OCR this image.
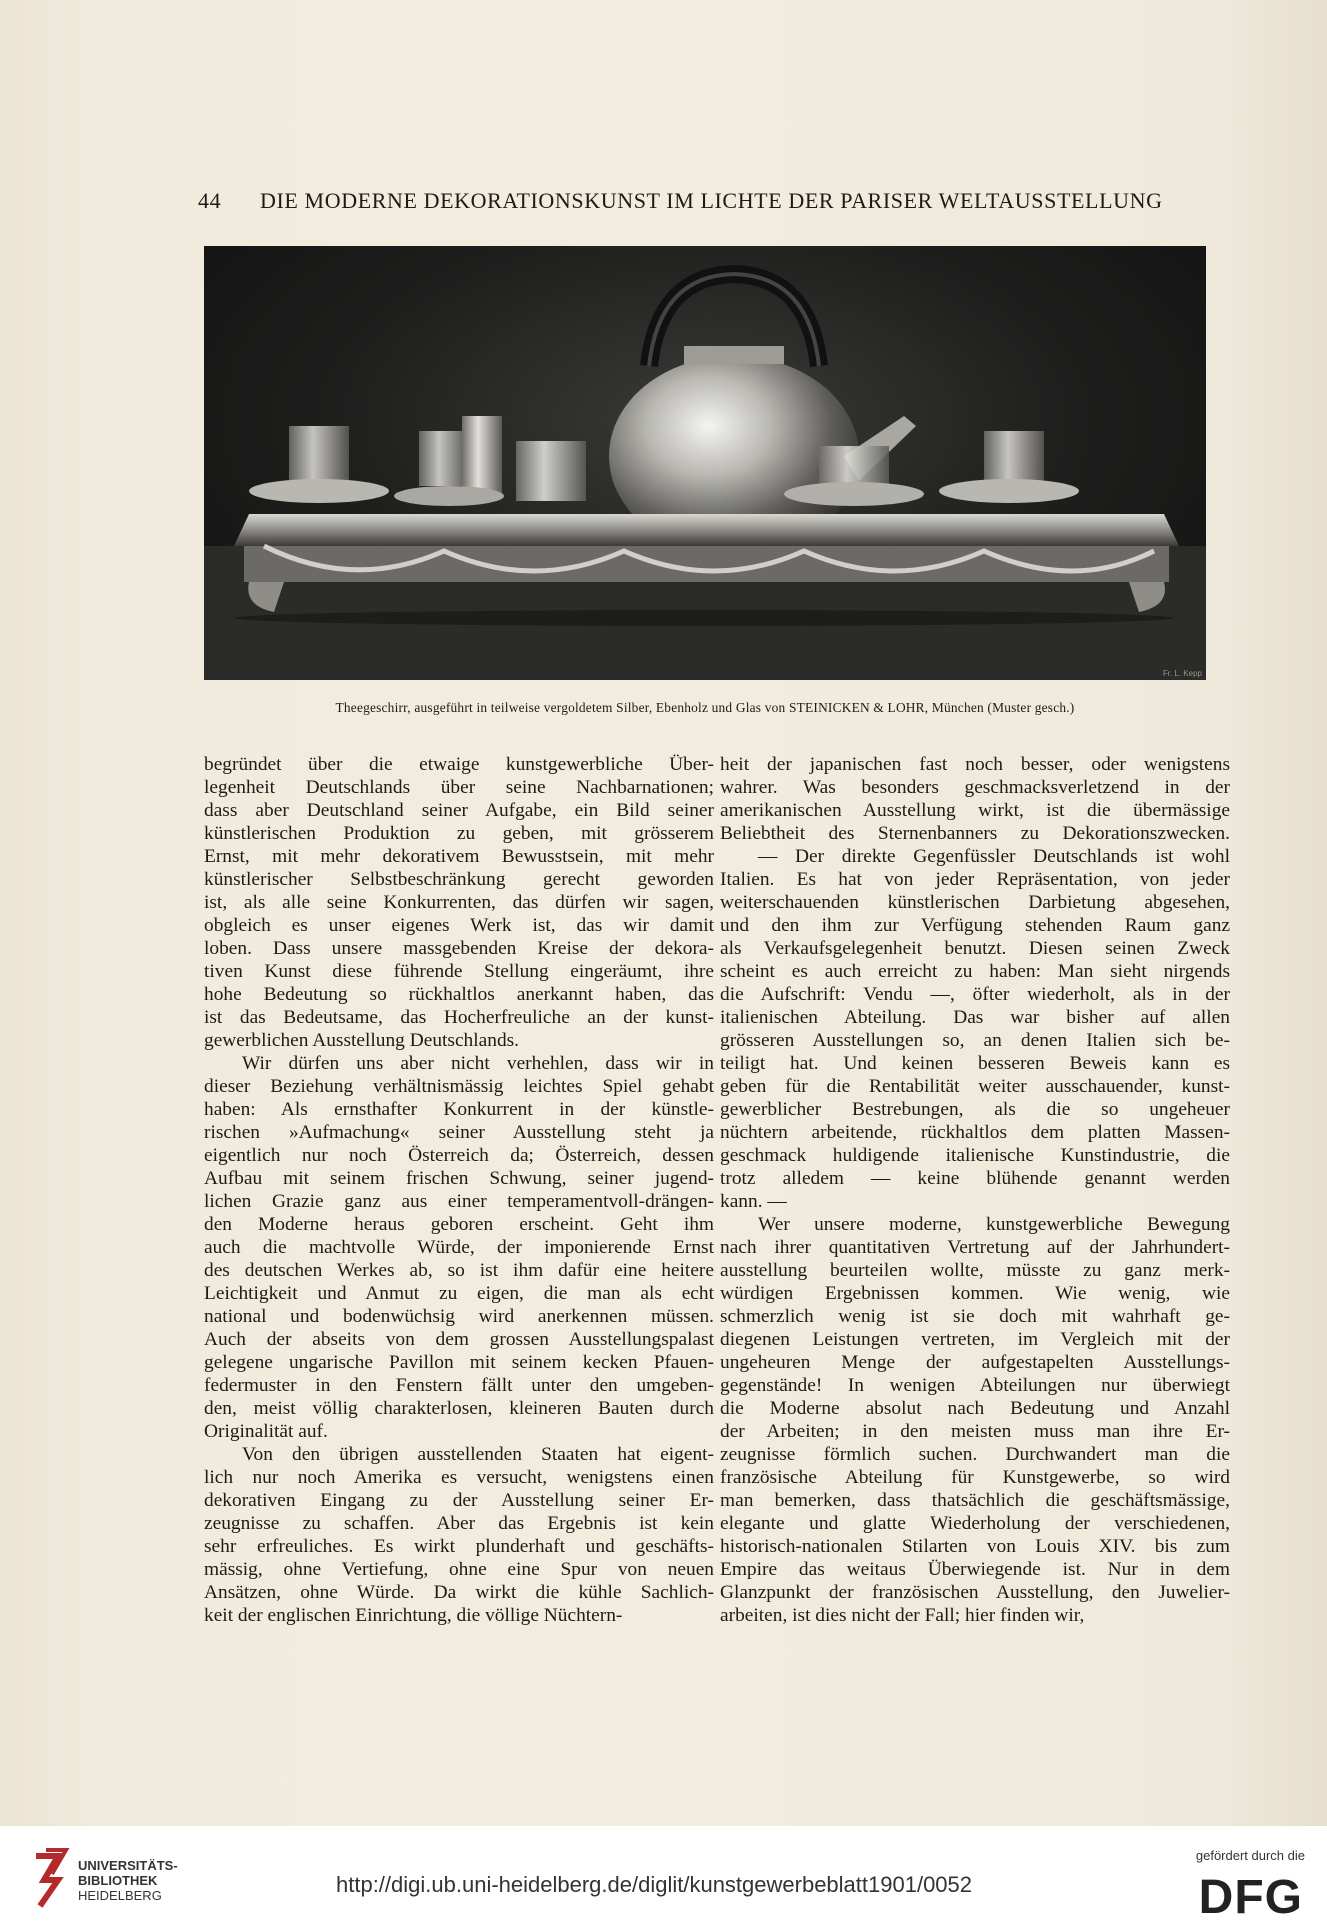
44 DIE MODERNE DEKORATIONSKUNST IM LICHTE DER PARISER WELTAUSSTELLUNG
Fr. L. Kepp
Theegeschirr, ausgeführt in teilweise vergoldetem Silber, Ebenholz und Glas von STEINICKEN & LOHR, München (Muster gesch.)
begründet über die etwaige kunstgewerbliche Über-
legenheit Deutschlands über seine Nachbarnationen;
dass aber Deutschland seiner Aufgabe, ein Bild seiner
künstlerischen Produktion zu geben, mit grösserem
Ernst, mit mehr dekorativem Bewusstsein, mit mehr
künstlerischer Selbstbeschränkung gerecht geworden
ist, als alle seine Konkurrenten, das dürfen wir sagen,
obgleich es unser eigenes Werk ist, das wir damit
loben. Dass unsere massgebenden Kreise der dekora-
tiven Kunst diese führende Stellung eingeräumt, ihre
hohe Bedeutung so rückhaltlos anerkannt haben, das
ist das Bedeutsame, das Hocherfreuliche an der kunst-
gewerblichen Ausstellung Deutschlands.
Wir dürfen uns aber nicht verhehlen, dass wir in
dieser Beziehung verhältnismässig leichtes Spiel gehabt
haben: Als ernsthafter Konkurrent in der künstle-
rischen »Aufmachung« seiner Ausstellung steht ja
eigentlich nur noch Österreich da; Österreich, dessen
Aufbau mit seinem frischen Schwung, seiner jugend-
lichen Grazie ganz aus einer temperamentvoll-drängen-
den Moderne heraus geboren erscheint. Geht ihm
auch die machtvolle Würde, der imponierende Ernst
des deutschen Werkes ab, so ist ihm dafür eine heitere
Leichtigkeit und Anmut zu eigen, die man als echt
national und bodenwüchsig wird anerkennen müssen.
Auch der abseits von dem grossen Ausstellungspalast
gelegene ungarische Pavillon mit seinem kecken Pfauen-
federmuster in den Fenstern fällt unter den umgeben-
den, meist völlig charakterlosen, kleineren Bauten durch
Originalität auf.
Von den übrigen ausstellenden Staaten hat eigent-
lich nur noch Amerika es versucht, wenigstens einen
dekorativen Eingang zu der Ausstellung seiner Er-
zeugnisse zu schaffen. Aber das Ergebnis ist kein
sehr erfreuliches. Es wirkt plunderhaft und geschäfts-
mässig, ohne Vertiefung, ohne eine Spur von neuen
Ansätzen, ohne Würde. Da wirkt die kühle Sachlich-
keit der englischen Einrichtung, die völlige Nüchtern-
heit der japanischen fast noch besser, oder wenigstens
wahrer. Was besonders geschmacksverletzend in der
amerikanischen Ausstellung wirkt, ist die übermässige
Beliebtheit des Sternenbanners zu Dekorationszwecken.
— Der direkte Gegenfüssler Deutschlands ist wohl
Italien. Es hat von jeder Repräsentation, von jeder
weiterschauenden künstlerischen Darbietung abgesehen,
und den ihm zur Verfügung stehenden Raum ganz
als Verkaufsgelegenheit benutzt. Diesen seinen Zweck
scheint es auch erreicht zu haben: Man sieht nirgends
die Aufschrift: Vendu —, öfter wiederholt, als in der
italienischen Abteilung. Das war bisher auf allen
grösseren Ausstellungen so, an denen Italien sich be-
teiligt hat. Und keinen besseren Beweis kann es
geben für die Rentabilität weiter ausschauender, kunst-
gewerblicher Bestrebungen, als die so ungeheuer
nüchtern arbeitende, rückhaltlos dem platten Massen-
geschmack huldigende italienische Kunstindustrie, die
trotz alledem — keine blühende genannt werden
kann. —
Wer unsere moderne, kunstgewerbliche Bewegung
nach ihrer quantitativen Vertretung auf der Jahrhundert-
ausstellung beurteilen wollte, müsste zu ganz merk-
würdigen Ergebnissen kommen. Wie wenig, wie
schmerzlich wenig ist sie doch mit wahrhaft ge-
diegenen Leistungen vertreten, im Vergleich mit der
ungeheuren Menge der aufgestapelten Ausstellungs-
gegenstände! In wenigen Abteilungen nur überwiegt
die Moderne absolut nach Bedeutung und Anzahl
der Arbeiten; in den meisten muss man ihre Er-
zeugnisse förmlich suchen. Durchwandert man die
französische Abteilung für Kunstgewerbe, so wird
man bemerken, dass thatsächlich die geschäftsmässige,
elegante und glatte Wiederholung der verschiedenen,
historisch-nationalen Stilarten von Louis XIV. bis zum
Empire das weitaus Überwiegende ist. Nur in dem
Glanzpunkt der französischen Ausstellung, den Juwelier-
arbeiten, ist dies nicht der Fall; hier finden wir,
UNIVERSITÄTS-
BIBLIOTHEK
HEIDELBERG	http://digi.ub.uni-heidelberg.de/diglit/kunstgewerbeblatt1901/0052
gefördert durch die
DFG
